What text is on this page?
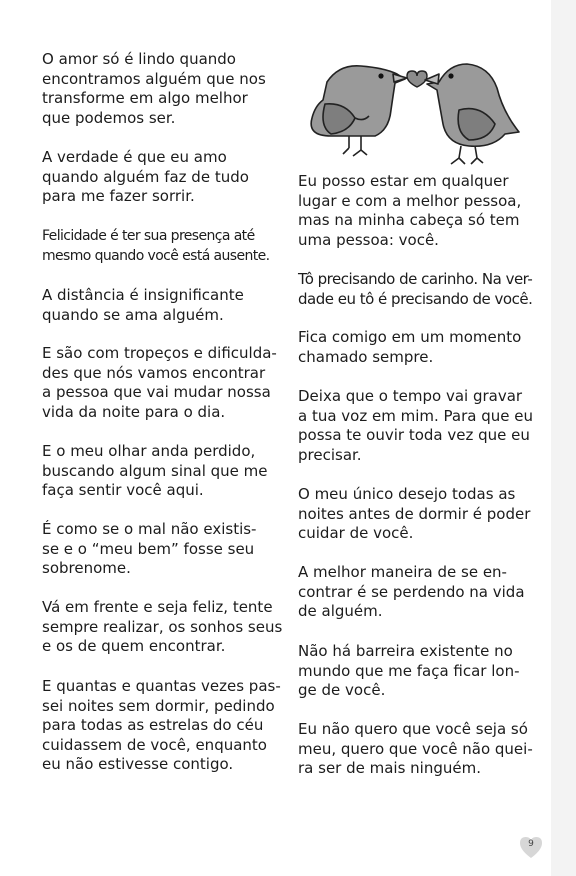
O amor só é lindo quando
encontramos alguém que nos
transforme em algo melhor
que podemos ser.

A verdade é que eu amo
quando alguém faz de tudo
para me fazer sorrir.

Felicidade é ter sua presença até
mesmo quando você está ausente.

A distância é insignificante
quando se ama alguém.

E são com tropeços e dificulda-
des que nós vamos encontrar
a pessoa que vai mudar nossa
vida da noite para o dia.

E o meu olhar anda perdido,
buscando algum sinal que me
faça sentir você aqui.

É como se o mal não existis-
se e o “meu bem” fosse seu
sobrenome.

Vá em frente e seja feliz, tente
sempre realizar, os sonhos seus
e os de quem encontrar.

E quantas e quantas vezes pas-
sei noites sem dormir, pedindo
para todas as estrelas do céu
cuidassem de você, enquanto
eu não estivesse contigo.

Eu posso estar em qualquer
lugar e com a melhor pessoa,
mas na minha cabeça só tem
uma pessoa: você.

Tô precisando de carinho. Na ver-
dade eu tô é precisando de você.

Fica comigo em um momento
chamado sempre.

Deixa que o tempo vai gravar
a tua voz em mim. Para que eu
possa te ouvir toda vez que eu
precisar.

O meu único desejo todas as
noites antes de dormir é poder
cuidar de você.

A melhor maneira de se en-
contrar é se perdendo na vida
de alguém.

Não há barreira existente no
mundo que me faça ficar lon-
ge de você.

Eu não quero que você seja só
meu, quero que você não quei-
ra ser de mais ninguém.

9
